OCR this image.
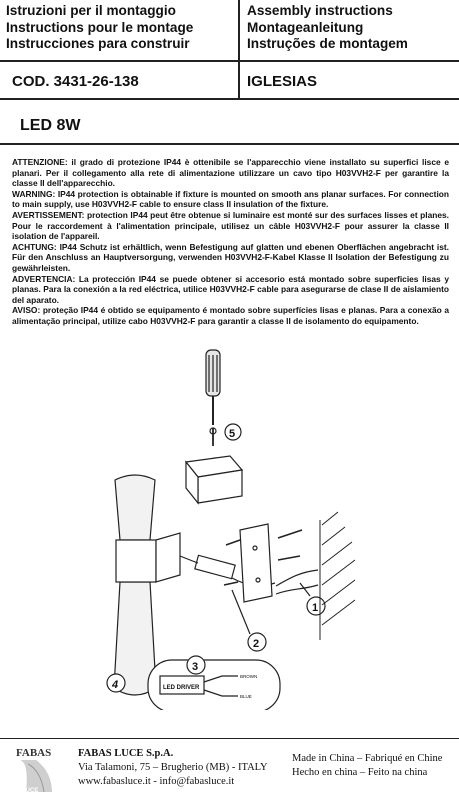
Istruzioni per il montaggio
Instructions pour le montage
Instrucciones para construir
Assembly instructions
Montageanleitung
Instruções de montagem
COD. 3431-26-138	IGLESIAS
LED 8W

ATTENZIONE: il grado di protezione IP44 è ottenibile se l'apparecchio viene installato su superfici lisce e planari. Per il collegamento alla rete di alimentazione utilizzare un cavo tipo H03VVH2-F per garantire la classe II dell'apparecchio.

WARNING: IP44 protection is obtainable if fixture is mounted on smooth ans planar surfaces. For connection to main supply, use H03VVH2-F cable to ensure class II insulation of the fixture.

AVERTISSEMENT: protection IP44 peut être obtenue si luminaire est monté sur des surfaces lisses et planes. Pour le raccordement à l'alimentation principale, utilisez un câble H03VVH2-F pour assurer la classe II isolation de l'appareil.

ACHTUNG: IP44 Schutz ist erhältlich, wenn Befestigung auf glatten und ebenen Oberflächen angebracht ist. Für den Anschluss an Hauptversorgung, verwenden H03VVH2-F-Kabel Klasse II Isolation der Befestigung zu gewährleisten.

ADVERTENCIA: La protección IP44 se puede obtener si accesorio está montado sobre superficies lisas y planas. Para la conexión a la red eléctrica, utilice H03VVH2-F cable para asegurarse de clase II de aislamiento del aparato.

AVISO: proteção IP44 é obtido se equipamento é montado sobre superfícies lisas e planas. Para a conexão a alimentação principal, utilize cabo H03VVH2-F para garantir a classe II de isolamento do equipamento.

5
1
2
LED DRIVER
BROWN
BLUE
3
4
FABAS
LUCE
FABAS LUCE S.p.A.
Via Talamoni, 75 – Brugherio (MB) - ITALY
www.fabasluce.it - info@fabasluce.it
Made in China – Fabriqué en Chine
Hecho en china – Feito na china
